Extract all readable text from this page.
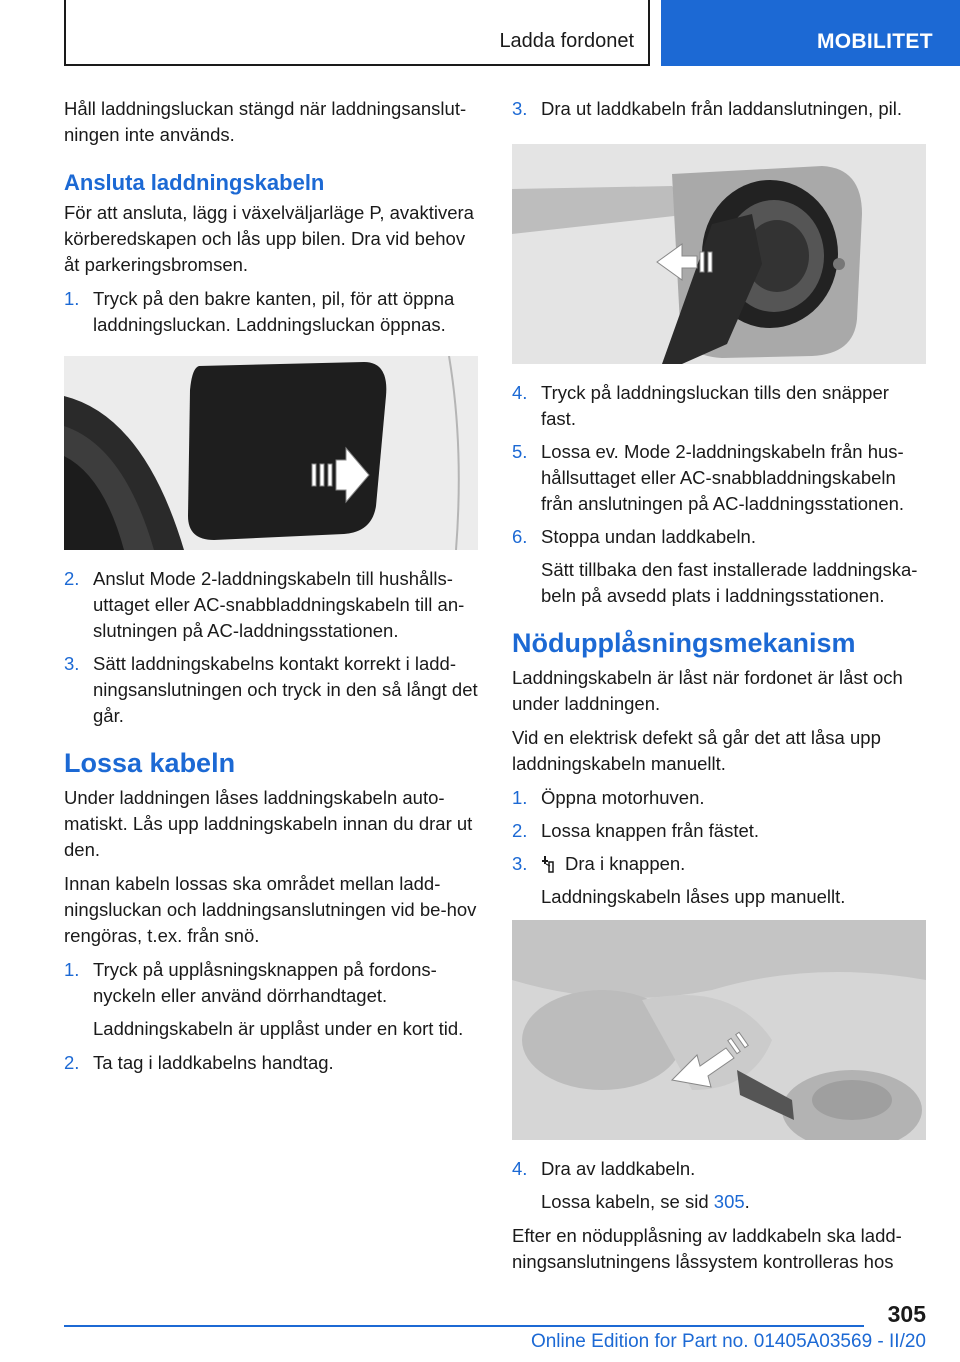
Ladda fordonet	MOBILITET

Håll laddningsluckan stängd när laddningsanslut-ningen inte används.

Ansluta laddningskabeln

För att ansluta, lägg i växelväljarläge P, avaktivera körberedskapen och lås upp bilen. Dra vid behov åt parkeringsbromsen.

1. Tryck på den bakre kanten, pil, för att öppna laddningsluckan. Laddningsluckan öppnas.
2. Anslut Mode 2-laddningskabeln till hushålls-uttaget eller AC-snabbladdningskabeln till an-slutningen på AC-laddningsstationen.
3. Sätt laddningskabelns kontakt korrekt i ladd-ningsanslutningen och tryck in den så långt det går.
Lossa kabeln

Under laddningen låses laddningskabeln auto-matiskt. Lås upp laddningskabeln innan du drar ut den.

Innan kabeln lossas ska området mellan ladd-ningsluckan och laddningsanslutningen vid be-hov rengöras, t.ex. från snö.

1. Tryck på upplåsningsknappen på fordons-nyckeln eller använd dörrhandtaget.
Laddningskabeln är upplåst under en kort tid.
2. Ta tag i laddkabelns handtag.
3. Dra ut laddkabeln från laddanslutningen, pil.
4. Tryck på laddningsluckan tills den snäpper fast.
5. Lossa ev. Mode 2-laddningskabeln från hus-hållsuttaget eller AC-snabbladdningskabeln från anslutningen på AC-laddningsstationen.
6. Stoppa undan laddkabeln.
Sätt tillbaka den fast installerade laddningska-beln på avsedd plats i laddningsstationen.
Nödupplåsningsmekanism

Laddningskabeln är låst när fordonet är låst och under laddningen.

Vid en elektrisk defekt så går det att låsa upp laddningskabeln manuellt.

1. Öppna motorhuven.
2. Lossa knappen från fästet.
3. Dra i knappen.
Laddningskabeln låses upp manuellt.
4. Dra av laddkabeln.
Lossa kabeln, se sid 305.

Efter en nödupplåsning av laddkabeln ska ladd-ningsanslutningens låssystem kontrolleras hos

305
Online Edition for Part no. 01405A03569 - II/20
